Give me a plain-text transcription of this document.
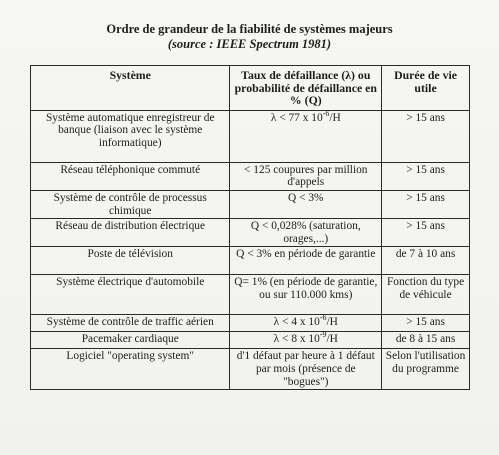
Ordre de grandeur de la fiabilité de systèmes majeurs
(source : IEEE Spectrum 1981)
Système	Taux de défaillance (λ) ou probabilité de défaillance en % (Q)	Durée de vie utile
Système automatique enregistreur de banque (liaison avec le système informatique)	λ < 77 x $10^{-6}/H$	> 15 ans
Réseau téléphonique commuté	< 125 coupures par million d'appels	> 15 ans
Système de contrôle de processus chimique	Q < 3%	> 15 ans
Réseau de distribution électrique	Q < 0,028% (saturation, orages,...)	> 15 ans
Poste de télévision	Q < 3% en période de garantie	de 7 à 10 ans
Système électrique d'automobile	Q= 1% (en période de garantie, ou sur 110.000 kms)	Fonction du type de véhicule
Système de contrôle de traffic aérien	λ < 4 x $10^{-6}/H$	> 15 ans
Pacemaker cardiaque	λ < 8 x $10^{-9}/H$	de 8 à 15 ans
Logiciel "operating system"	d'1 défaut par heure à 1 défaut par mois (présence de "bogues")	Selon l'utilisation du programme
